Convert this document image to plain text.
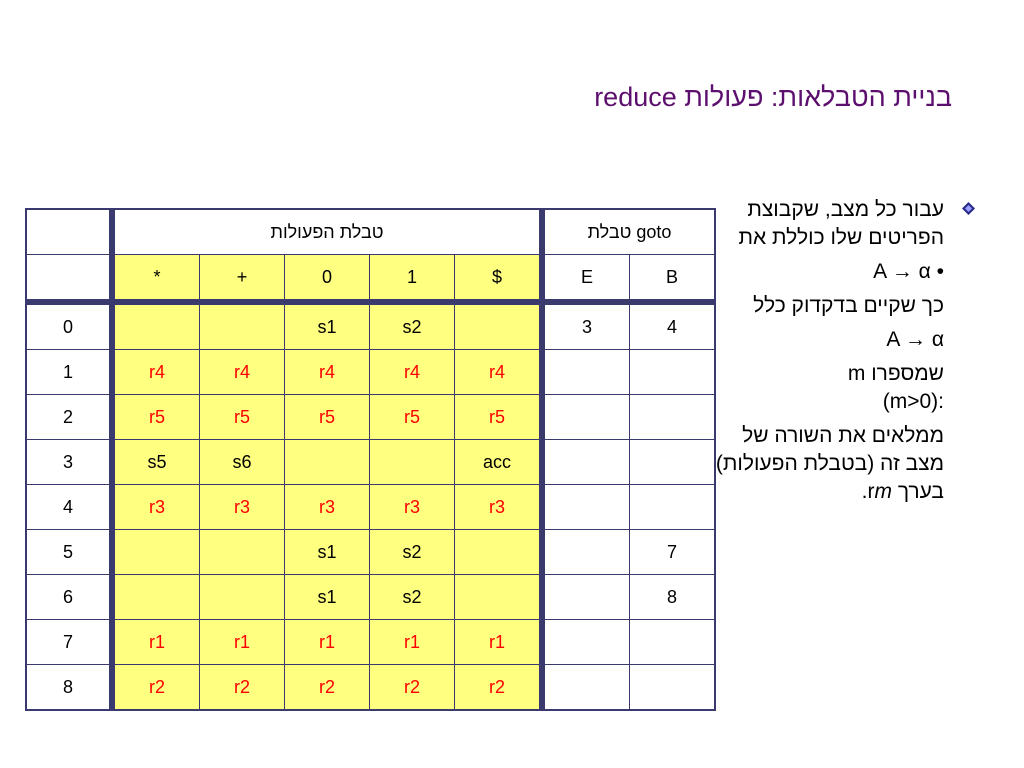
בניית הטבלאות: פעולות reduce
	טבלת הפעולות					טבלת goto	
	*	+	0	1	$	E	B
0			s1	s2		3	4
1	r4	r4	r4	r4	r4		
2	r5	r5	r5	r5	r5		
3	s5	s6			acc		
4	r3	r3	r3	r3	r3		
5			s1	s2			7
6			s1	s2			8
7	r1	r1	r1	r1	r1		
8	r2	r2	r2	r2	r2		

עבור כל מצב, שקבוצת הפריטים שלו כוללת את

A → α •

כך שקיים בדקדוק כלל

A → α

שמספרו m
(m>0):

ממלאים את השורה של מצב זה (בטבלת הפעולות) בערך rm.
